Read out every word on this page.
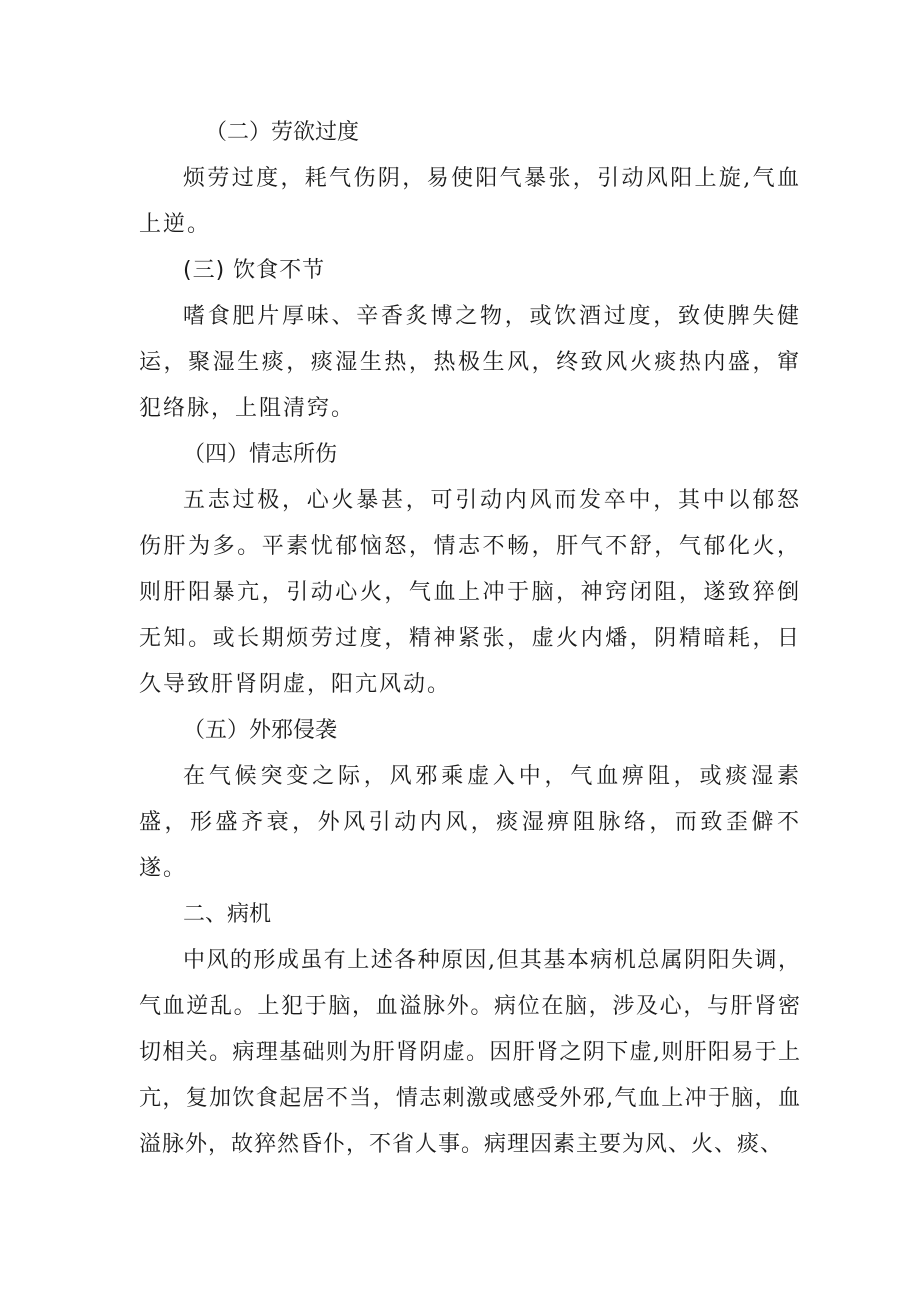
（二）劳欲过度

烦劳过度，耗气伤阴，易使阳气暴张，引动风阳上旋,气血上逆。

(三) 饮食不节

嗜食肥片厚味、辛香炙博之物，或饮酒过度，致使脾失健运，聚湿生痰，痰湿生热，热极生风，终致风火痰热内盛，窜犯络脉，上阻清窍。

（四）情志所伤

五志过极，心火暴甚，可引动内风而发卒中，其中以郁怒伤肝为多。平素忧郁恼怒，情志不畅，肝气不舒，气郁化火，则肝阳暴亢，引动心火，气血上冲于脑，神窍闭阻，遂致猝倒无知。或长期烦劳过度，精神紧张，虚火内燔，阴精暗耗，日久导致肝肾阴虚，阳亢风动。

（五）外邪侵袭

在气候突变之际，风邪乘虚入中，气血痹阻，或痰湿素盛，形盛齐衰，外风引动内风，痰湿痹阻脉络，而致歪僻不遂。

二、病机

中风的形成虽有上述各种原因,但其基本病机总属阴阳失调，气血逆乱。上犯于脑，血溢脉外。病位在脑，涉及心，与肝肾密切相关。病理基础则为肝肾阴虚。因肝肾之阴下虚,则肝阳易于上亢，复加饮食起居不当，情志刺激或感受外邪,气血上冲于脑，血溢脉外，故猝然昏仆，不省人事。病理因素主要为风、火、痰、
